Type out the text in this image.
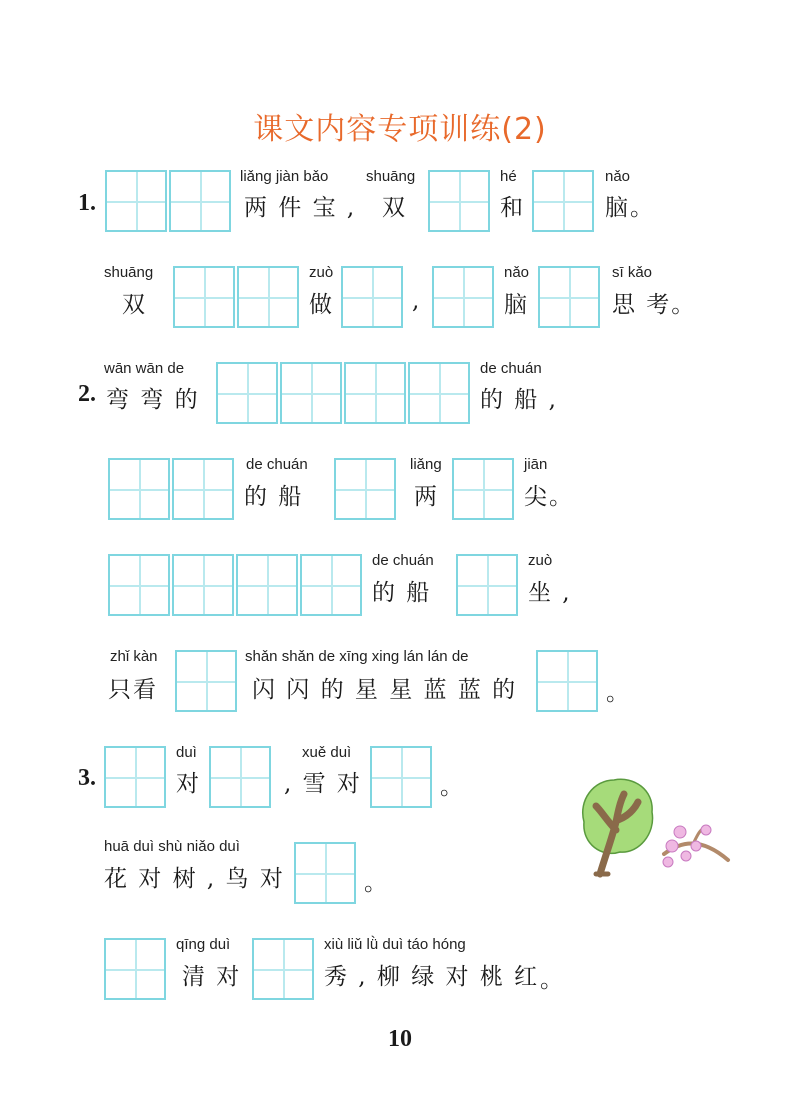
课文内容专项训练(2)
1.
liǎng jiàn bǎo
两 件 宝 ,
shuāng
双
hé
和
nǎo
脑。
shuāng
双
zuò
做	,
nǎo
脑
sī kǎo
思 考。
wān wān de
2. 弯 弯 的
de chuán
的 船 ,
de chuán
的 船
liǎng
两
jiān
尖。
de chuán
的 船
zuò
坐 ,
zhǐ kàn
只看
shǎn shǎn de xīng xing lán lán de
闪 闪 的 星 星 蓝 蓝 的	。
3.
duì
对
xuě duì
, 雪 对	。
huā duì shù niǎo duì
花 对 树 , 鸟 对	。
qīng duì
清 对
xiù liǔ lǜ duì táo hóng
秀 , 柳 绿 对 桃 红 。
10
